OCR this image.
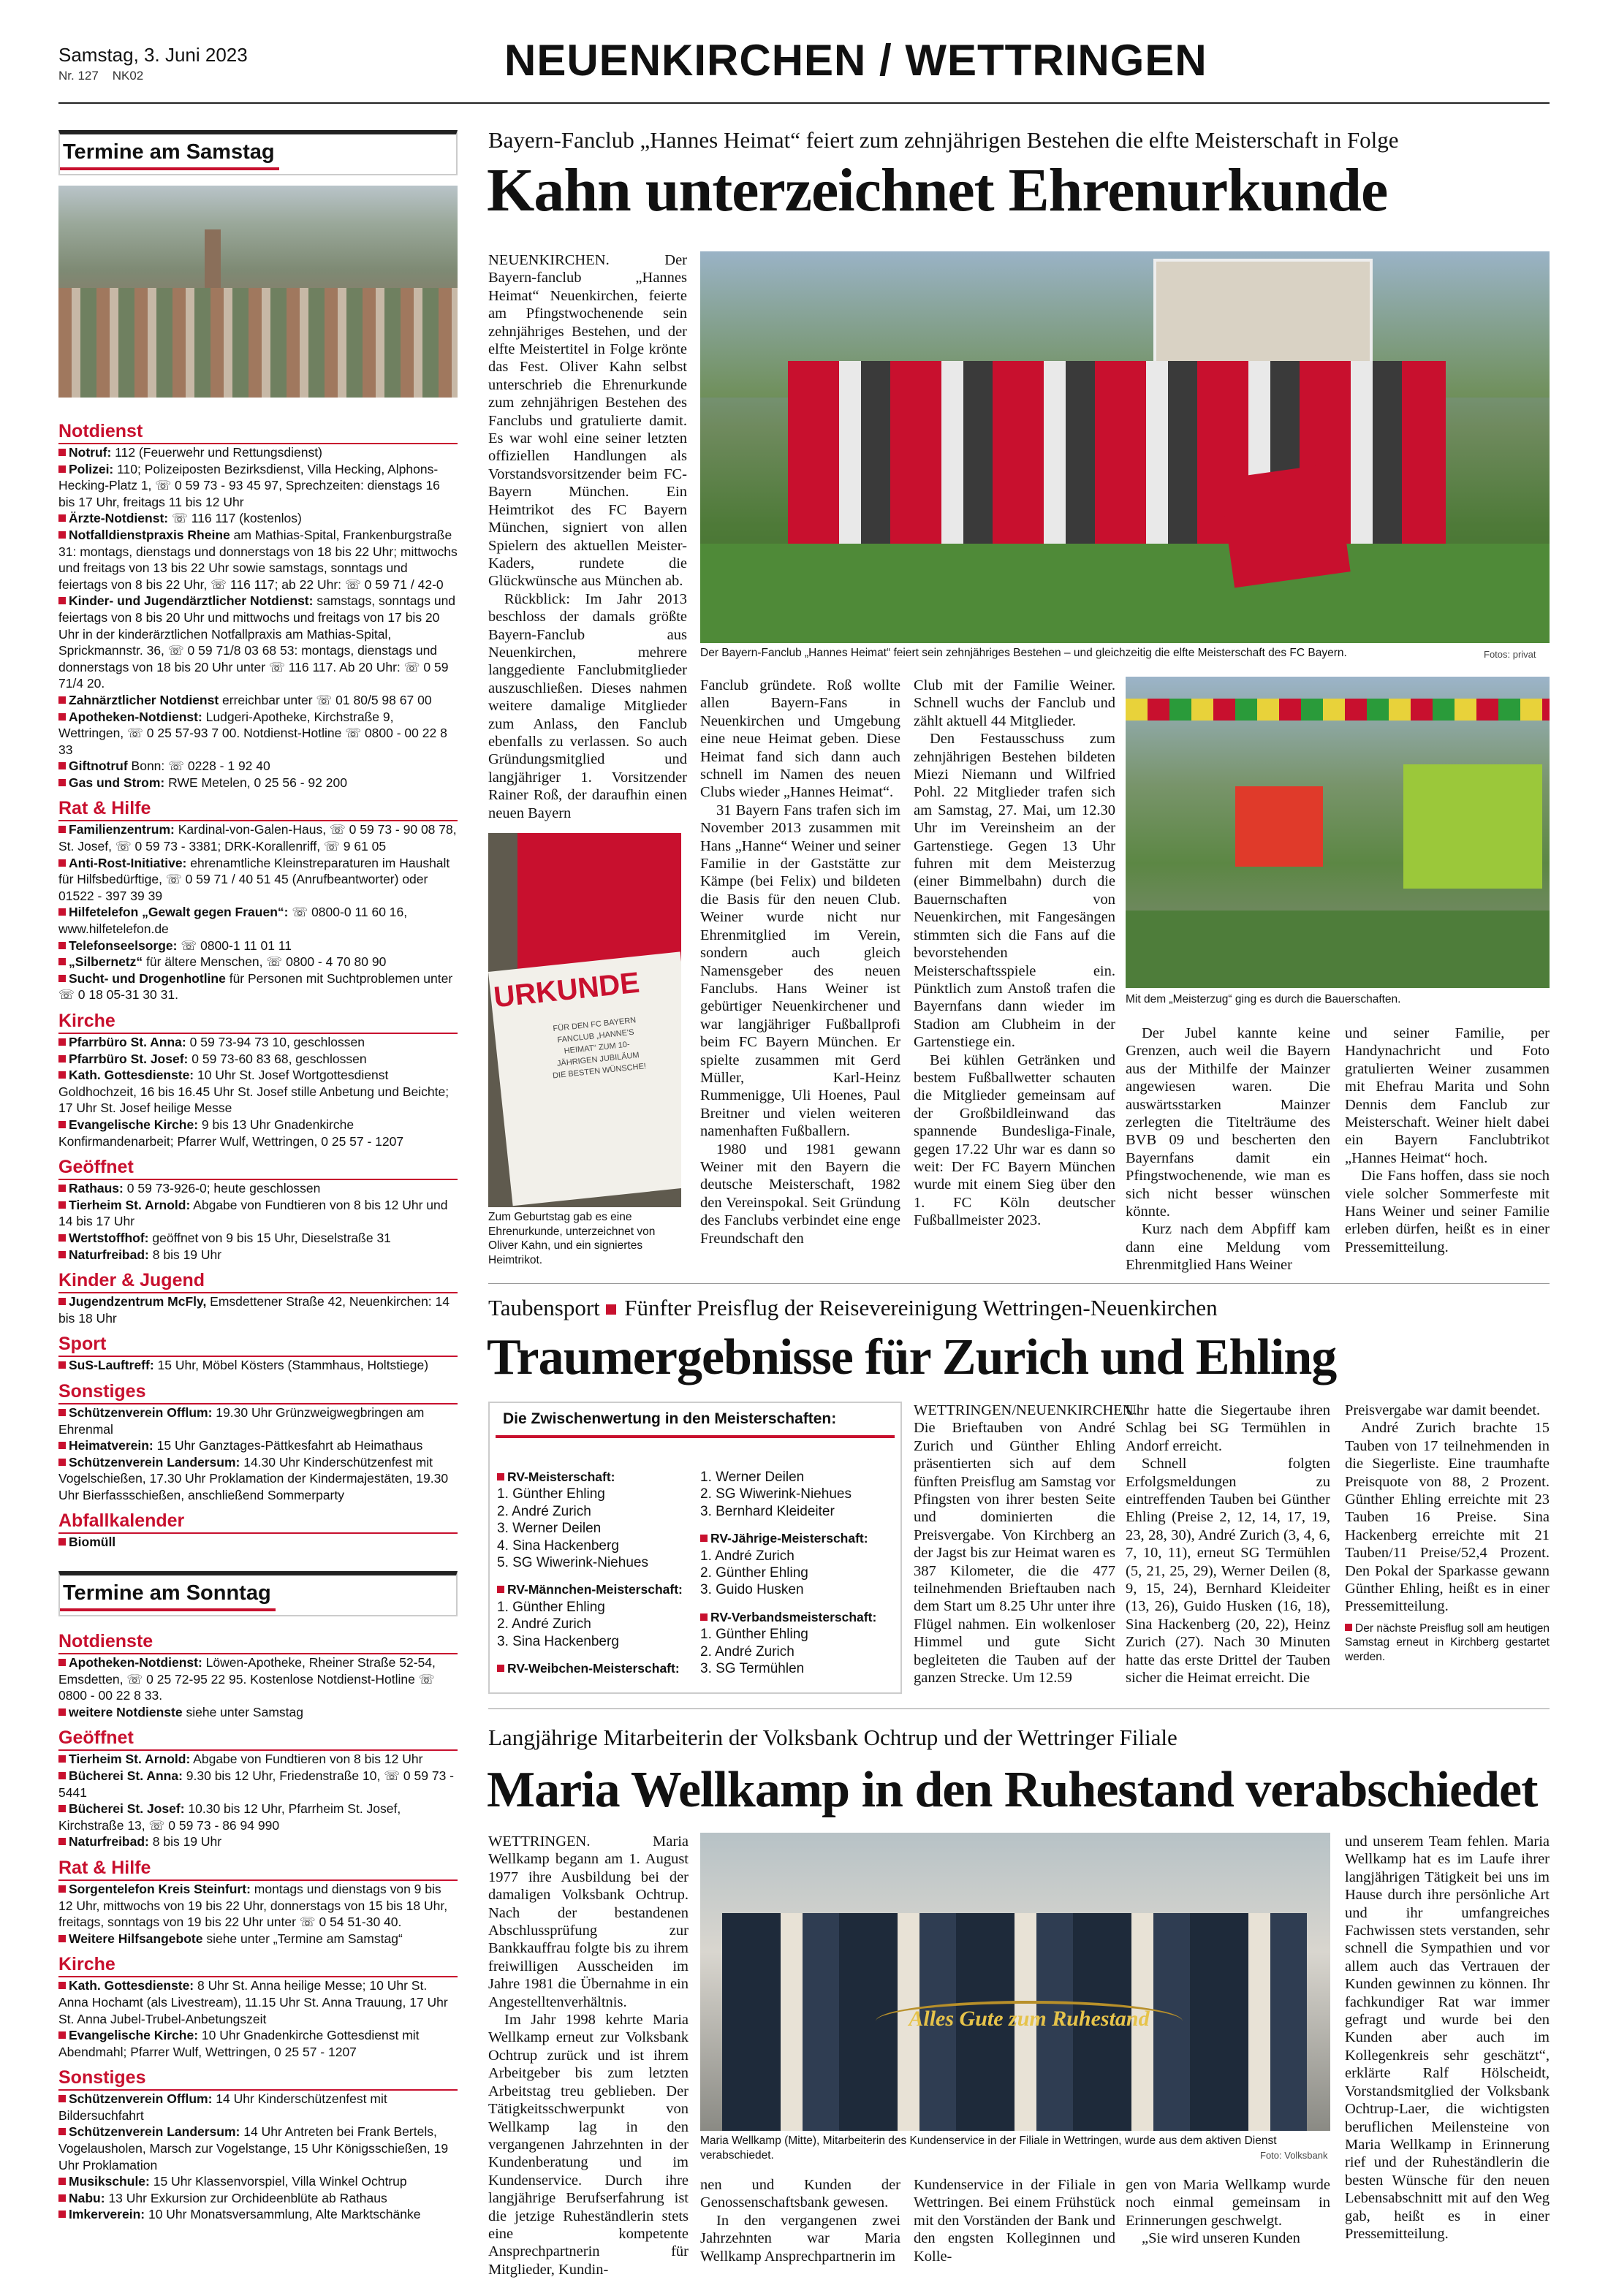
Samstag, 3. Juni 2023
Nr. 127 NK02	NEUENKIRCHEN / WETTRINGEN
Termine am Samstag
Notdienst
Notruf: 112 (Feuerwehr und Rettungsdienst)
Polizei: 110; Polizeiposten Bezirksdienst, Villa Hecking, Alphons-Hecking-Platz 1, ☏ 0 59 73 - 93 45 97, Sprechzeiten: dienstags 16 bis 17 Uhr, freitags 11 bis 12 Uhr
Ärzte-Notdienst: ☏ 116 117 (kostenlos)
Notfalldienstpraxis Rheine am Mathias-Spital, Frankenburgstraße 31: montags, dienstags und donnerstags von 18 bis 22 Uhr; mittwochs und freitags von 13 bis 22 Uhr sowie samstags, sonntags und feiertags von 8 bis 22 Uhr, ☏ 116 117; ab 22 Uhr: ☏ 0 59 71 / 42-0
Kinder- und Jugendärztlicher Notdienst: samstags, sonntags und feiertags von 8 bis 20 Uhr und mittwochs und freitags von 17 bis 20 Uhr in der kinderärztlichen Notfallpraxis am Mathias-Spital, Sprickmannstr. 36, ☏ 0 59 71/8 03 68 53: montags, dienstags und donnerstags von 18 bis 20 Uhr unter ☏ 116 117. Ab 20 Uhr: ☏ 0 59 71/4 20.
Zahnärztlicher Notdienst erreichbar unter ☏ 01 80/5 98 67 00
Apotheken-Notdienst: Ludgeri-Apotheke, Kirchstraße 9, Wettringen, ☏ 0 25 57-93 7 00. Notdienst-Hotline ☏ 0800 - 00 22 8 33
Giftnotruf Bonn: ☏ 0228 - 1 92 40
Gas und Strom: RWE Metelen, 0 25 56 - 92 200
Rat & Hilfe
Familienzentrum: Kardinal-von-Galen-Haus, ☏ 0 59 73 - 90 08 78, St. Josef, ☏ 0 59 73 - 3381; DRK-Korallenriff, ☏ 9 61 05
Anti-Rost-Initiative: ehrenamtliche Kleinstreparaturen im Haushalt für Hilfsbedürftige, ☏ 0 59 71 / 40 51 45 (Anrufbeantworter) oder 01522 - 397 39 39
Hilfetelefon „Gewalt gegen Frauen“: ☏ 0800-0 11 60 16, www.hilfetelefon.de
Telefonseelsorge: ☏ 0800-1 11 01 11
„Silbernetz“ für ältere Menschen, ☏ 0800 - 4 70 80 90
Sucht- und Drogenhotline für Personen mit Suchtproblemen unter ☏ 0 18 05-31 30 31.
Kirche
Pfarrbüro St. Anna: 0 59 73-94 73 10, geschlossen
Pfarrbüro St. Josef: 0 59 73-60 83 68, geschlossen
Kath. Gottesdienste: 10 Uhr St. Josef Wortgottesdienst Goldhochzeit, 16 bis 16.45 Uhr St. Josef stille Anbetung und Beichte; 17 Uhr St. Josef heilige Messe
Evangelische Kirche: 9 bis 13 Uhr Gnadenkirche Konfirmandenarbeit; Pfarrer Wulf, Wettringen, 0 25 57 - 1207
Geöffnet
Rathaus: 0 59 73-926-0; heute geschlossen
Tierheim St. Arnold: Abgabe von Fundtieren von 8 bis 12 Uhr und 14 bis 17 Uhr
Wertstoffhof: geöffnet von 9 bis 15 Uhr, Dieselstraße 31
Naturfreibad: 8 bis 19 Uhr
Kinder & Jugend
Jugendzentrum McFly, Emsdettener Straße 42, Neuenkirchen: 14 bis 18 Uhr
Sport
SuS-Lauftreff: 15 Uhr, Möbel Kösters (Stammhaus, Holtstiege)
Sonstiges
Schützenverein Offlum: 19.30 Uhr Grünzweigwegbringen am Ehrenmal
Heimatverein: 15 Uhr Ganztages-Pättkesfahrt ab Heimathaus
Schützenverein Landersum: 14.30 Uhr Kinderschützenfest mit Vogelschießen, 17.30 Uhr Proklamation der Kindermajestäten, 19.30 Uhr Bierfassschießen, anschließend Sommerparty
Abfallkalender
Biomüll
Termine am Sonntag
Notdienste
Apotheken-Notdienst: Löwen-Apotheke, Rheiner Straße 52-54, Emsdetten, ☏ 0 25 72-95 22 95. Kostenlose Notdienst-Hotline ☏ 0800 - 00 22 8 33.
weitere Notdienste siehe unter Samstag
Geöffnet
Tierheim St. Arnold: Abgabe von Fundtieren von 8 bis 12 Uhr
Bücherei St. Anna: 9.30 bis 12 Uhr, Friedenstraße 10, ☏ 0 59 73 - 5441
Bücherei St. Josef: 10.30 bis 12 Uhr, Pfarrheim St. Josef, Kirchstraße 13, ☏ 0 59 73 - 86 94 990
Naturfreibad: 8 bis 19 Uhr
Rat & Hilfe
Sorgentelefon Kreis Steinfurt: montags und dienstags von 9 bis 12 Uhr, mittwochs von 19 bis 22 Uhr, donnerstags von 15 bis 18 Uhr, freitags, sonntags von 19 bis 22 Uhr unter ☏ 0 54 51-30 40.
Weitere Hilfsangebote siehe unter „Termine am Samstag“
Kirche
Kath. Gottesdienste: 8 Uhr St. Anna heilige Messe; 10 Uhr St. Anna Hochamt (als Livestream), 11.15 Uhr St. Anna Trauung, 17 Uhr St. Anna Jubel-Trubel-Anbetungszeit
Evangelische Kirche: 10 Uhr Gnadenkirche Gottesdienst mit Abendmahl; Pfarrer Wulf, Wettringen, 0 25 57 - 1207
Sonstiges
Schützenverein Offlum: 14 Uhr Kinderschützenfest mit Bildersuchfahrt
Schützenverein Landersum: 14 Uhr Antreten bei Frank Bertels, Vogelausholen, Marsch zur Vogelstange, 15 Uhr Königsschießen, 19 Uhr Proklamation
Musikschule: 15 Uhr Klassenvorspiel, Villa Winkel Ochtrup
Nabu: 13 Uhr Exkursion zur Orchideenblüte ab Rathaus
Imkerverein: 10 Uhr Monatsversammlung, Alte Marktschänke
Bayern-Fanclub „Hannes Heimat“ feiert zum zehnjährigen Bestehen die elfte Meisterschaft in Folge
Kahn unterzeichnet Ehrenurkunde

NEUENKIRCHEN. Der Bayern-fanclub „Hannes Heimat“ Neuenkirchen, feierte am Pfingstwochenende sein zehnjähriges Bestehen, und der elfte Meistertitel in Folge krönte das Fest. Oliver Kahn selbst unterschrieb die Ehrenurkunde zum zehnjährigen Bestehen des Fanclubs und gratulierte damit. Es war wohl eine seiner letzten offiziellen Handlungen als Vorstandsvorsitzender beim FC-Bayern München. Ein Heimtrikot des FC Bayern München, signiert von allen Spielern des aktuellen Meister-Kaders, rundete die Glückwünsche aus München ab.

Rückblick: Im Jahr 2013 beschloss der damals größte Bayern-Fanclub aus Neuenkirchen, mehrere langgediente Fanclubmitglieder auszuschließen. Dieses nahmen weitere damalige Mitglieder zum Anlass, den Fanclub ebenfalls zu verlassen. So auch Gründungsmitglied und langjähriger 1. Vorsitzender Rainer Roß, der daraufhin einen neuen Bayern

Der Bayern-Fanclub „Hannes Heimat“ feiert sein zehnjähriges Bestehen – und gleichzeitig die elfte Meisterschaft des FC Bayern.	Fotos: privat
URKUNDE
FÜR DEN FC BAYERN FANCLUB „HANNE'S HEIMAT“ ZUM 10-JÄHRIGEN JUBILÄUM DIE BESTEN WÜNSCHE!
Zum Geburtstag gab es eine Ehrenurkunde, unterzeichnet von Oliver Kahn, und ein signiertes Heimtrikot.

Fanclub gründete. Roß wollte allen Bayern-Fans in Neuenkirchen und Umgebung eine neue Heimat geben. Diese Heimat fand sich dann auch schnell im Namen des neuen Clubs wieder „Hannes Heimat“.

31 Bayern Fans trafen sich im November 2013 zusammen mit Hans „Hanne“ Weiner und seiner Familie in der Gaststätte zur Kämpe (bei Felix) und bildeten die Basis für den neuen Club. Weiner wurde nicht nur Ehrenmitglied im Verein, sondern auch gleich Namensgeber des neuen Fanclubs. Hans Weiner ist gebürtiger Neuenkirchener und war langjähriger Fußballprofi beim FC Bayern München. Er spielte zusammen mit Gerd Müller, Karl-Heinz Rummenigge, Uli Hoenes, Paul Breitner und vielen weiteren namenhaften Fußballern.

1980 und 1981 gewann Weiner mit den Bayern die deutsche Meisterschaft, 1982 den Vereinspokal. Seit Gründung des Fanclubs verbindet eine enge Freundschaft den

Club mit der Familie Weiner. Schnell wuchs der Fanclub und zählt aktuell 44 Mitglieder.

Den Festausschuss zum zehnjährigen Bestehen bildeten Miezi Niemann und Wilfried Pohl. 22 Mitglieder trafen sich am Samstag, 27. Mai, um 12.30 Uhr im Vereinsheim an der Gartenstiege. Gegen 13 Uhr fuhren mit dem Meisterzug (einer Bimmelbahn) durch die Bauernschaften von Neuenkirchen, mit Fangesängen stimmten sich die Fans auf die bevorstehenden Meisterschaftsspiele ein. Pünktlich zum Anstoß trafen die Bayernfans dann wieder im Stadion am Clubheim in der Gartenstiege ein.

Bei kühlen Getränken und bestem Fußballwetter schauten die Mitglieder gemeinsam auf der Großbildleinwand das spannende Bundesliga-Finale, gegen 17.22 Uhr war es dann so weit: Der FC Bayern München wurde mit einem Sieg über den 1. FC Köln deutscher Fußballmeister 2023.

Mit dem „Meisterzug“ ging es durch die Bauerschaften.

Der Jubel kannte keine Grenzen, auch weil die Bayern aus der Mithilfe der Mainzer angewiesen waren. Die auswärtsstarken Mainzer zerlegten die Titelträume des BVB 09 und bescherten den Bayernfans damit ein Pfingstwochenende, wie man es sich nicht besser wünschen könnte.

Kurz nach dem Abpfiff kam dann eine Meldung vom Ehrenmitglied Hans Weiner

und seiner Familie, per Handynachricht und Foto gratulierten Weiner zusammen mit Ehefrau Marita und Sohn Dennis dem Fanclub zur Meisterschaft. Weiner hielt dabei ein Bayern Fanclubtrikot „Hannes Heimat“ hoch.

Die Fans hoffen, dass sie noch viele solcher Sommerfeste mit Hans Weiner und seiner Familie erleben dürfen, heißt es in einer Pressemitteilung.

Taubensport Fünfter Preisflug der Reisevereinigung Wettringen-Neuenkirchen
Traumergebnisse für Zurich und Ehling
Die Zwischenwertung in den Meisterschaften:
RV-Meisterschaft:
1. Günther Ehling
2. André Zurich
3. Werner Deilen
4. Sina Hackenberg
5. SG Wiwerink-Niehues
RV-Männchen-Meisterschaft:
1. Günther Ehling
2. André Zurich
3. Sina Hackenberg
RV-Weibchen-Meisterschaft:
1. Werner Deilen
2. SG Wiwerink-Niehues
3. Bernhard Kleideiter
RV-Jährige-Meisterschaft:
1. André Zurich
2. Günther Ehling
3. Guido Husken
RV-Verbandsmeisterschaft:
1. Günther Ehling
2. André Zurich
3. SG Termühlen

WETTRINGEN/NEUENKIRCHEN. Die Brieftauben von André Zurich und Günther Ehling präsentierten sich auf dem fünften Preisflug am Samstag vor Pfingsten von ihrer besten Seite und dominierten die Preisvergabe. Von Kirchberg an der Jagst bis zur Heimat waren es 387 Kilometer, die die 477 teilnehmenden Brieftauben nach dem Start um 8.25 Uhr unter ihre Flügel nahmen. Ein wolkenloser Himmel und gute Sicht begleiteten die Tauben auf der ganzen Strecke. Um 12.59

Uhr hatte die Siegertaube ihren Schlag bei SG Termühlen in Andorf erreicht.

Schnell folgten Erfolgsmeldungen zu eintreffenden Tauben bei Günther Ehling (Preise 2, 12, 14, 17, 19, 23, 28, 30), André Zurich (3, 4, 6, 7, 10, 11), erneut SG Termühlen (5, 21, 25, 29), Werner Deilen (8, 9, 15, 24), Bernhard Kleideiter (13, 26), Guido Husken (16, 18), Sina Hackenberg (20, 22), Heinz Zurich (27). Nach 30 Minuten hatte das erste Drittel der Tauben sicher die Heimat erreicht. Die

Preisvergabe war damit beendet.

André Zurich brachte 15 Tauben von 17 teilnehmenden in die Siegerliste. Eine traumhafte Preisquote von 88, 2 Prozent. Günther Ehling erreichte mit 23 Tauben 16 Preise. Sina Hackenberg erreichte mit 21 Tauben/11 Preise/52,4 Prozent. Den Pokal der Sparkasse gewann Günther Ehling, heißt es in einer Pressemitteilung.

Der nächste Preisflug soll am heutigen Samstag erneut in Kirchberg gestartet werden.
Langjährige Mitarbeiterin der Volksbank Ochtrup und der Wettringer Filiale
Maria Wellkamp in den Ruhestand verabschiedet

WETTRINGEN. Maria Wellkamp begann am 1. August 1977 ihre Ausbildung bei der damaligen Volksbank Ochtrup. Nach der bestandenen Abschlussprüfung zur Bankkauffrau folgte bis zu ihrem freiwilligen Ausscheiden im Jahre 1981 die Übernahme in ein Angestelltenverhältnis.

Im Jahr 1998 kehrte Maria Wellkamp erneut zur Volksbank Ochtrup zurück und ist ihrem Arbeitgeber bis zum letzten Arbeitstag treu geblieben. Der Tätigkeitsschwerpunkt von Wellkamp lag in den vergangenen Jahrzehnten in der Kundenberatung und im Kundenservice. Durch ihre langjährige Berufserfahrung ist die jetzige Ruheständlerin stets eine kompetente Ansprechpartnerin für Mitglieder, Kundin-

Alles Gute zum Ruhestand
Maria Wellkamp (Mitte), Mitarbeiterin des Kundenservice in der Filiale in Wettringen, wurde aus dem aktiven Dienst verabschiedet.	Foto: Volksbank

nen und Kunden der Genossenschaftsbank gewesen.

In den vergangenen zwei Jahrzehnten war Maria Wellkamp Ansprechpartnerin im

Kundenservice in der Filiale in Wettringen. Bei einem Frühstück mit den Vorständen der Bank und den engsten Kolleginnen und Kolle-

gen von Maria Wellkamp wurde noch einmal gemeinsam in Erinnerungen geschwelgt.

„Sie wird unseren Kunden

und unserem Team fehlen. Maria Wellkamp hat es im Laufe ihrer langjährigen Tätigkeit bei uns im Hause durch ihre persönliche Art und ihr umfangreiches Fachwissen stets verstanden, sehr schnell die Sympathien und vor allem auch das Vertrauen der Kunden gewinnen zu können. Ihr fachkundiger Rat war immer gefragt und wurde bei den Kunden aber auch im Kollegenkreis sehr geschätzt“, erklärte Ralf Hölscheidt, Vorstandsmitglied der Volksbank Ochtrup-Laer, die wichtigsten beruflichen Meilensteine von Maria Wellkamp in Erinnerung rief und der Ruheständlerin die besten Wünsche für den neuen Lebensabschnitt mit auf den Weg gab, heißt es in einer Pressemitteilung.
